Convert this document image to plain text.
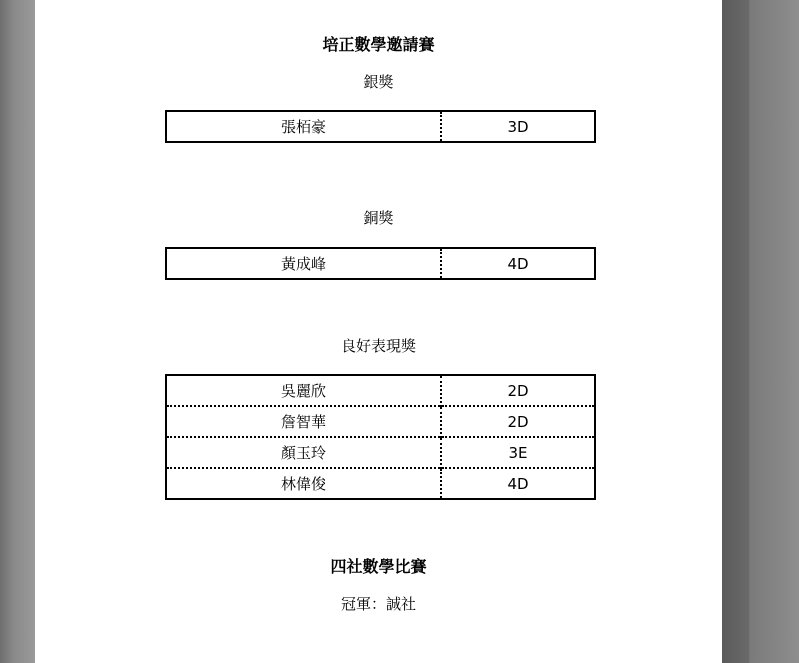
培正數學邀請賽
銀獎
張栢豪	3D
銅獎
黃成峰	4D
良好表現獎
吳麗欣	2D
詹智華	2D
顏玉玲	3E
林偉俊	4D
四社數學比賽
冠軍：誠社
